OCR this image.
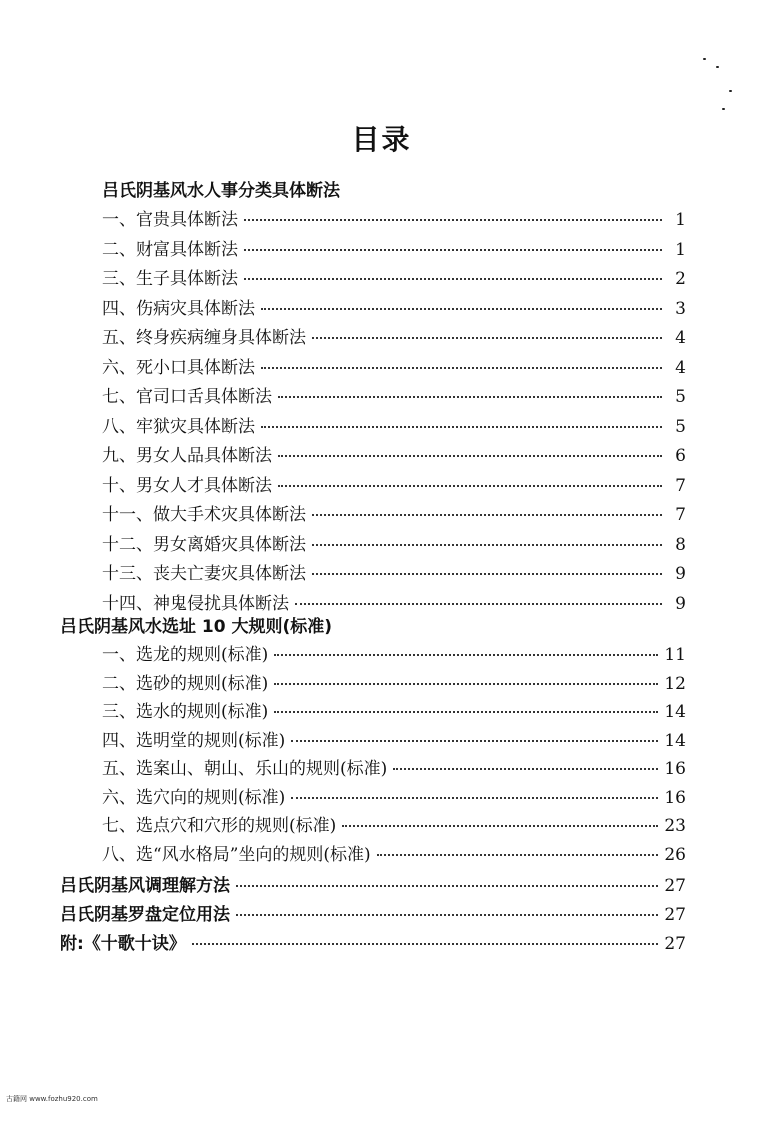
目录
吕氏阴基风水人事分类具体断法
一、官贵具体断法	1
二、财富具体断法	1
三、生子具体断法	2
四、伤病灾具体断法	3
五、终身疾病缠身具体断法	4
六、死小口具体断法	4
七、官司口舌具体断法	5
八、牢狱灾具体断法	5
九、男女人品具体断法	6
十、男女人才具体断法	7
十一、做大手术灾具体断法	7
十二、男女离婚灾具体断法	8
十三、丧夫亡妻灾具体断法	9
十四、神鬼侵扰具体断法	9
吕氏阴基风水选址 10 大规则(标准)
一、选龙的规则(标准)	11
二、选砂的规则(标准)	12
三、选水的规则(标准)	14
四、选明堂的规则(标准)	14
五、选案山、朝山、乐山的规则(标准)	16
六、选穴向的规则(标准)	16
七、选点穴和穴形的规则(标准)	23
八、选“风水格局”坐向的规则(标准)	26
吕氏阴基风调理解方法	27
吕氏阴基罗盘定位用法	27
附:《十歌十诀》	27
古籍网 www.fozhu920.com
